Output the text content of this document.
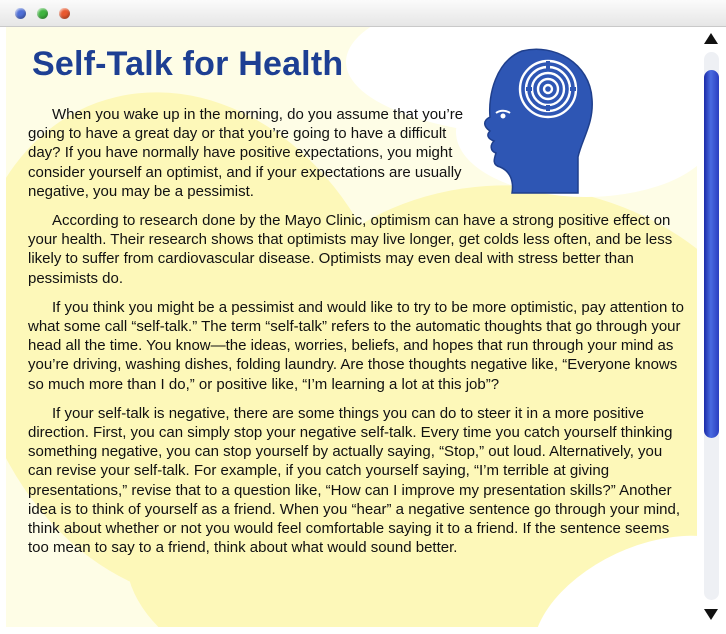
Self-Talk for Health

When you wake up in the morning, do you assume that you’re going to have a great day or that you’re going to have a difficult day? If you have normally have positive expectations, you might consider yourself an optimist, and if your expectations are usually negative, you may be a pessimist.

According to research done by the Mayo Clinic, optimism can have a strong positive effect on your health. Their research shows that optimists may live longer, get colds less often, and be less likely to suffer from cardiovascular disease. Optimists may even deal with stress better than pessimists do.

If you think you might be a pessimist and would like to try to be more optimistic, pay attention to what some call “self-talk.” The term “self-talk” refers to the automatic thoughts that go through your head all the time. You know—the ideas, worries, beliefs, and hopes that run through your mind as you’re driving, washing dishes, folding laundry. Are those thoughts negative like, “Everyone knows so much more than I do,” or positive like, “I’m learning a lot at this job”?

If your self-talk is negative, there are some things you can do to steer it in a more positive direction. First, you can simply stop your negative self-talk. Every time you catch yourself thinking something negative, you can stop yourself by actually saying, “Stop,” out loud. Alternatively, you can revise your self-talk. For example, if you catch yourself saying, “I’m terrible at giving presentations,” revise that to a question like, “How can I improve my presentation skills?” Another idea is to think of yourself as a friend. When you “hear” a negative sentence go through your mind, think about whether or not you would feel comfortable saying it to a friend. If the sentence seems too mean to say to a friend, think about what would sound better.
